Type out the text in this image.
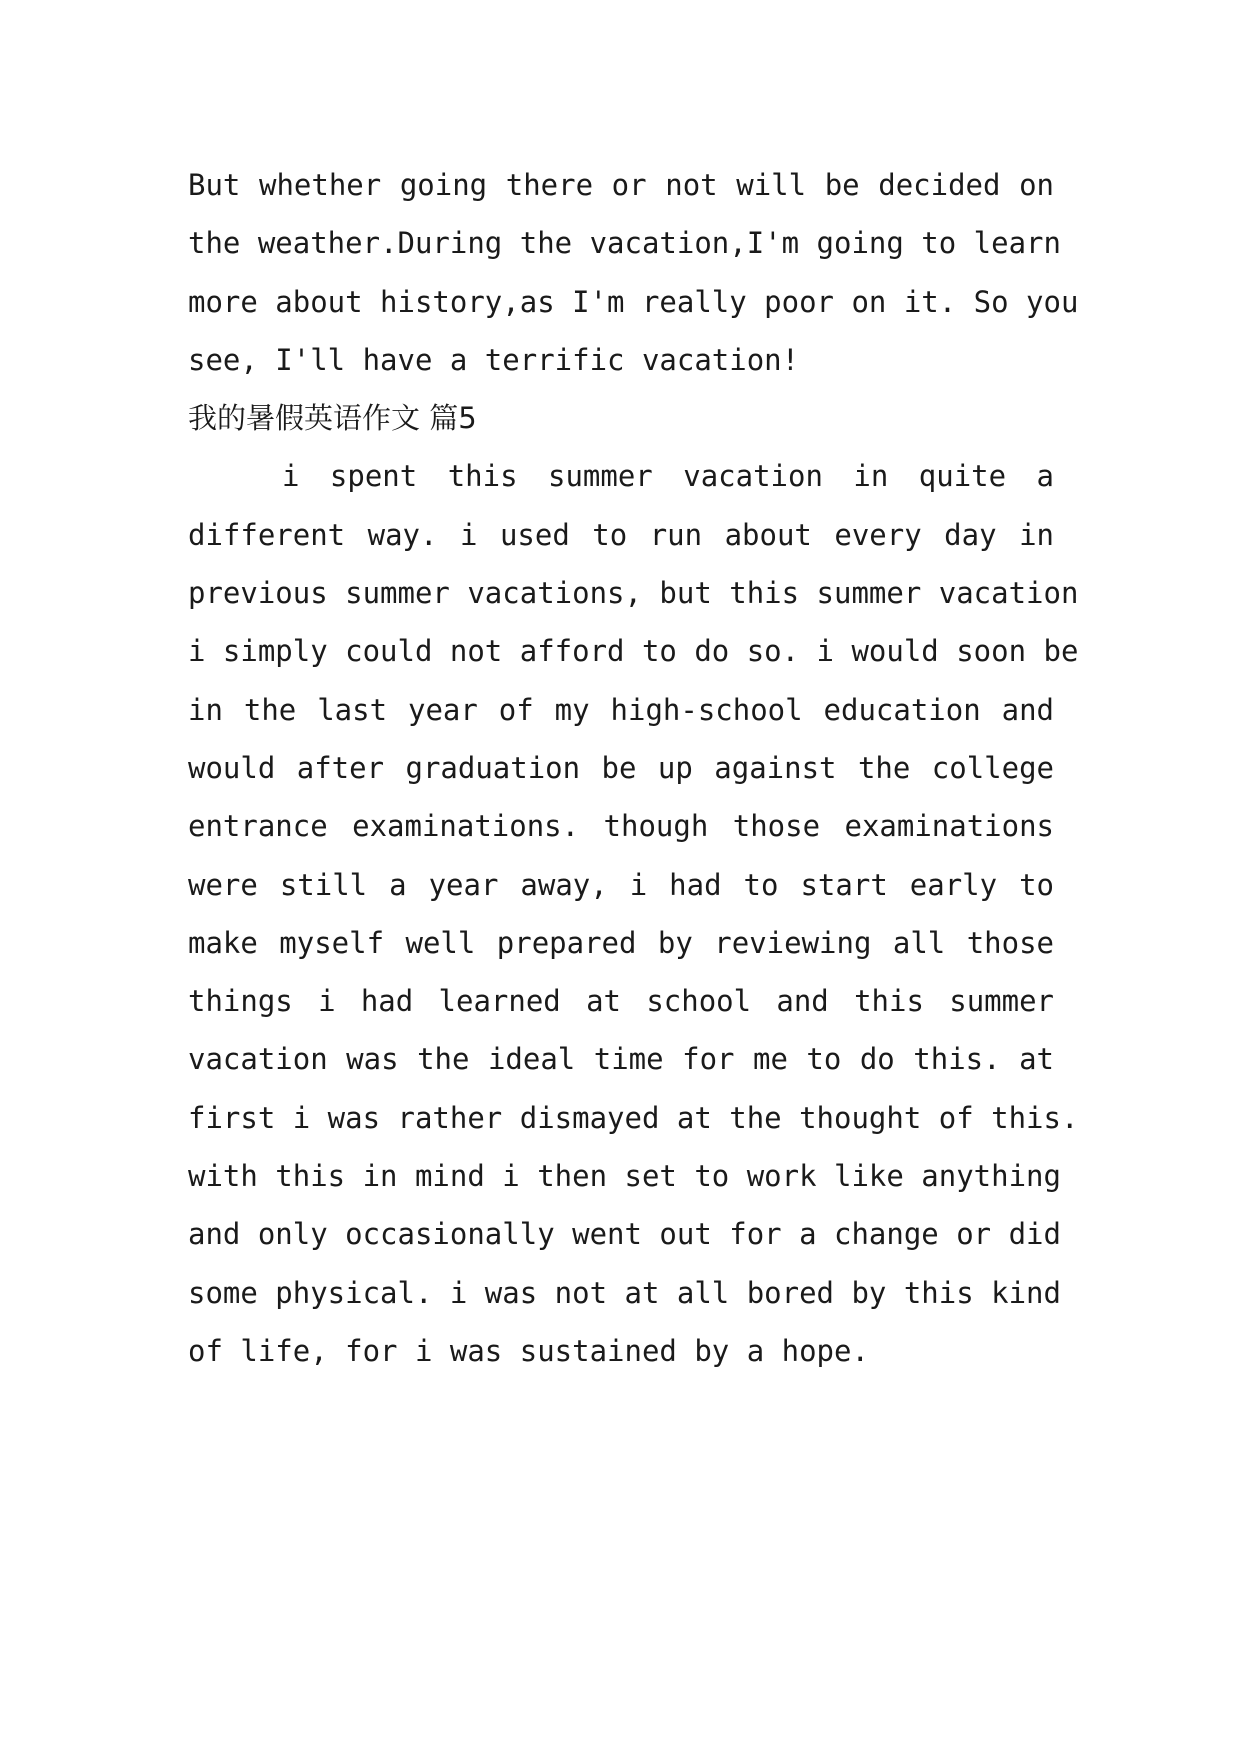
But whether going there or not will be decided on
the weather.During the vacation,I'm going to learn
more about history,as I'm really poor on it. So you
see, I'll have a terrific vacation!
我的暑假英语作文 篇5
i spent this summer vacation in quite a
different way. i used to run about every day in
previous summer vacations, but this summer vacation
i simply could not afford to do so. i would soon be
in the last year of my high-school education and
would after graduation be up against the college
entrance examinations. though those examinations
were still a year away, i had to start early to
make myself well prepared by reviewing all those
things i had learned at school and this summer
vacation was the ideal time for me to do this. at
first i was rather dismayed at the thought of this.
with this in mind i then set to work like anything
and only occasionally went out for a change or did
some physical. i was not at all bored by this kind
of life, for i was sustained by a hope.
